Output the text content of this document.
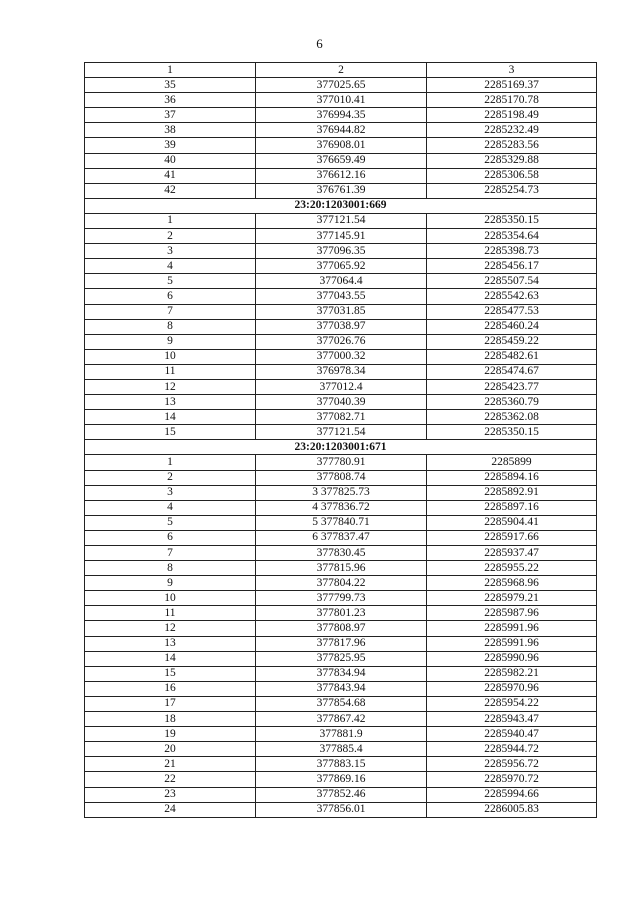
6
1	2	3
35	377025.65	2285169.37
36	377010.41	2285170.78
37	376994.35	2285198.49
38	376944.82	2285232.49
39	376908.01	2285283.56
40	376659.49	2285329.88
41	376612.16	2285306.58
42	376761.39	2285254.73
23:20:1203001:669		
1	377121.54	2285350.15
2	377145.91	2285354.64
3	377096.35	2285398.73
4	377065.92	2285456.17
5	377064.4	2285507.54
6	377043.55	2285542.63
7	377031.85	2285477.53
8	377038.97	2285460.24
9	377026.76	2285459.22
10	377000.32	2285482.61
11	376978.34	2285474.67
12	377012.4	2285423.77
13	377040.39	2285360.79
14	377082.71	2285362.08
15	377121.54	2285350.15
23:20:1203001:671		
1	377780.91	2285899
2	377808.74	2285894.16
3	3 377825.73	2285892.91
4	4 377836.72	2285897.16
5	5 377840.71	2285904.41
6	6 377837.47	2285917.66
7	377830.45	2285937.47
8	377815.96	2285955.22
9	377804.22	2285968.96
10	377799.73	2285979.21
11	377801.23	2285987.96
12	377808.97	2285991.96
13	377817.96	2285991.96
14	377825.95	2285990.96
15	377834.94	2285982.21
16	377843.94	2285970.96
17	377854.68	2285954.22
18	377867.42	2285943.47
19	377881.9	2285940.47
20	377885.4	2285944.72
21	377883.15	2285956.72
22	377869.16	2285970.72
23	377852.46	2285994.66
24	377856.01	2286005.83
